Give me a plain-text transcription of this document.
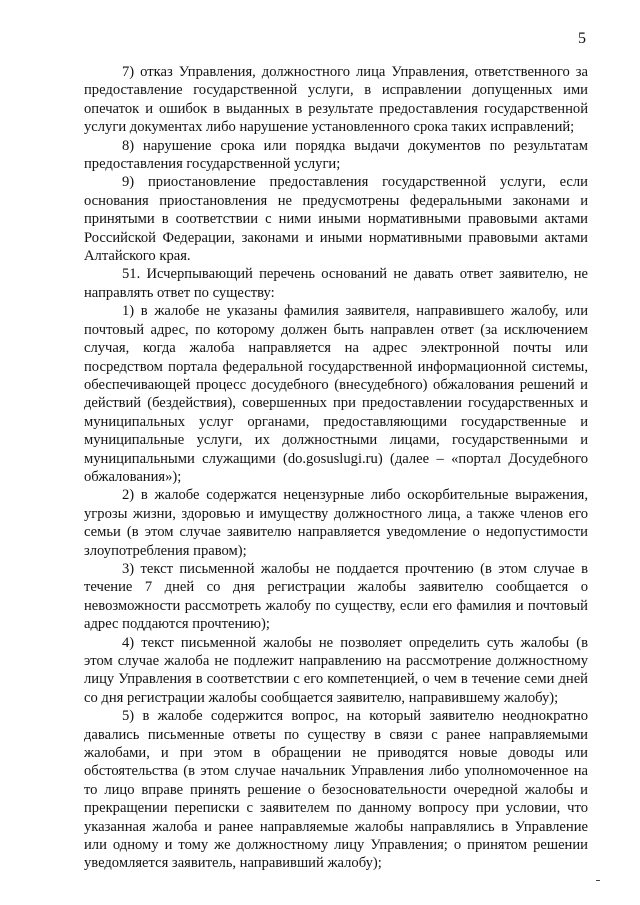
5

7) отказ Управления, должностного лица Управления, ответственного за предоставление государственной услуги, в исправлении допущенных ими опечаток и ошибок в выданных в результате предоставления государственной услуги документах либо нарушение установленного срока таких исправлений;

8) нарушение срока или порядка выдачи документов по результатам предоставления государственной услуги;

9) приостановление предоставления государственной услуги, если основания приостановления не предусмотрены федеральными законами и принятыми в соответствии с ними иными нормативными правовыми актами Российской Федерации, законами и иными нормативными правовыми актами Алтайского края.

51. Исчерпывающий перечень оснований не давать ответ заявителю, не направлять ответ по существу:

1) в жалобе не указаны фамилия заявителя, направившего жалобу, или почтовый адрес, по которому должен быть направлен ответ (за исключением случая, когда жалоба направляется на адрес электронной почты или посредством портала федеральной государственной информационной системы, обеспечивающей процесс досудебного (внесудебного) обжалования решений и действий (бездействия), совершенных при предоставлении государственных и муниципальных услуг органами, предоставляющими государственные и муниципальные услуги, их должностными лицами, государственными и муниципальными служащими (do.gosuslugi.ru) (далее – «портал Досудебного обжалования»);

2) в жалобе содержатся нецензурные либо оскорбительные выражения, угрозы жизни, здоровью и имуществу должностного лица, а также членов его семьи (в этом случае заявителю направляется уведомление о недопустимости злоупотребления правом);

3) текст письменной жалобы не поддается прочтению (в этом случае в течение 7 дней со дня регистрации жалобы заявителю сообщается о невозможности рассмотреть жалобу по существу, если его фамилия и почтовый адрес поддаются прочтению);

4) текст письменной жалобы не позволяет определить суть жалобы (в этом случае жалоба не подлежит направлению на рассмотрение должностному лицу Управления в соответствии с его компетенцией, о чем в течение семи дней со дня регистрации жалобы сообщается заявителю, направившему жалобу);

5) в жалобе содержится вопрос, на который заявителю неоднократно давались письменные ответы по существу в связи с ранее направляемыми жалобами, и при этом в обращении не приводятся новые доводы или обстоятельства (в этом случае начальник Управления либо уполномоченное на то лицо вправе принять решение о безосновательности очередной жалобы и прекращении переписки с заявителем по данному вопросу при условии, что указанная жалоба и ранее направляемые жалобы направлялись в Управление или одному и тому же должностному лицу Управления; о принятом решении уведомляется заявитель, направивший жалобу);
